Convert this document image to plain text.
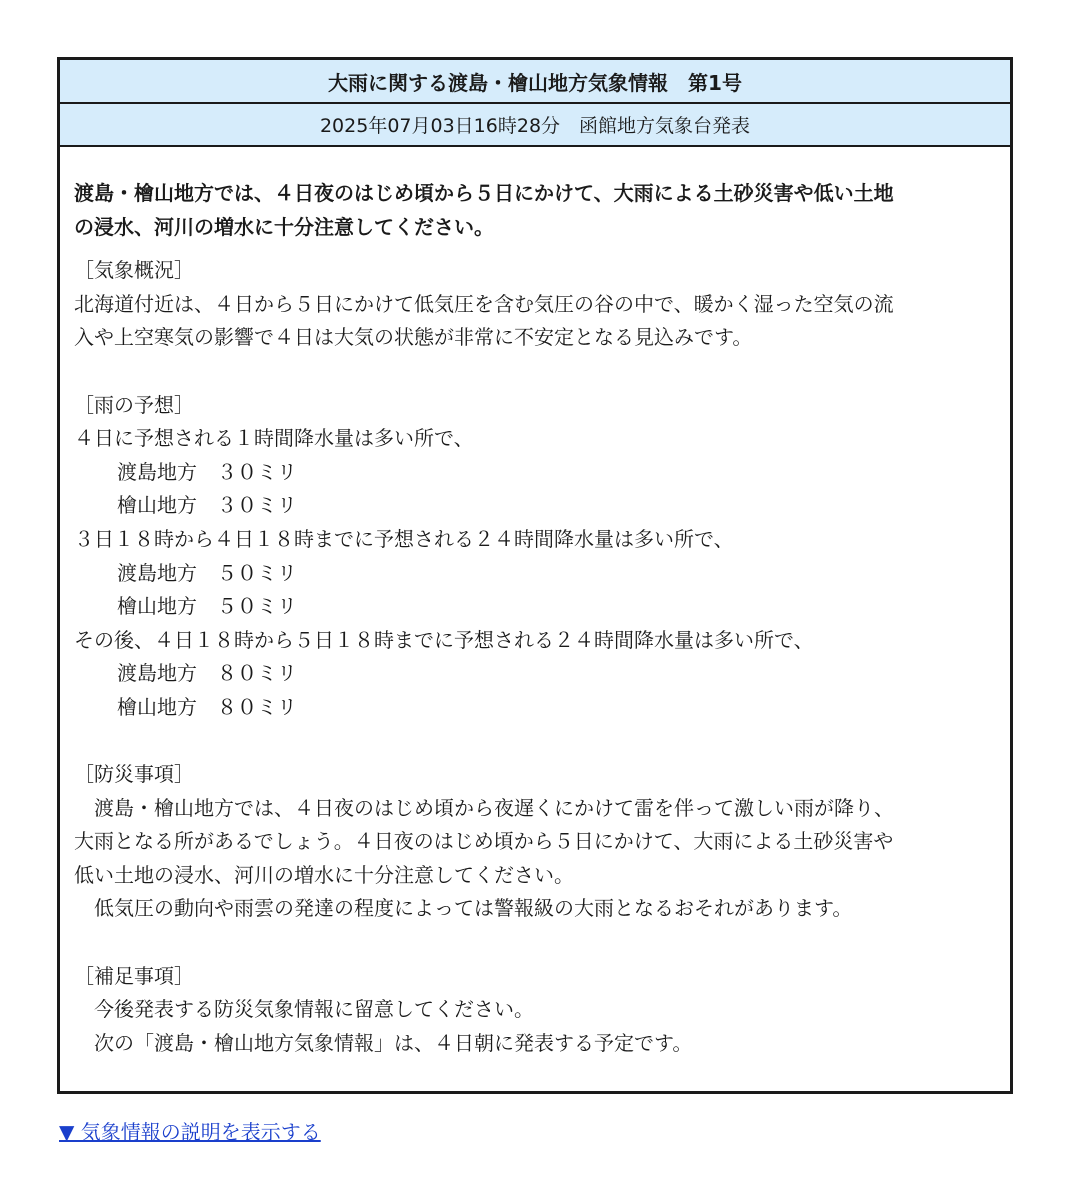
大雨に関する渡島・檜山地方気象情報　第1号
2025年07月03日16時28分　函館地方気象台発表
渡島・檜山地方では、４日夜のはじめ頃から５日にかけて、大雨による土砂災害や低い土地
の浸水、河川の増水に十分注意してください。
［気象概況］
北海道付近は、４日から５日にかけて低気圧を含む気圧の谷の中で、暖かく湿った空気の流
入や上空寒気の影響で４日は大気の状態が非常に不安定となる見込みです。
［雨の予想］
４日に予想される１時間降水量は多い所で、
渡島地方　３０ミリ
檜山地方　３０ミリ
３日１８時から４日１８時までに予想される２４時間降水量は多い所で、
渡島地方　５０ミリ
檜山地方　５０ミリ
その後、４日１８時から５日１８時までに予想される２４時間降水量は多い所で、
渡島地方　８０ミリ
檜山地方　８０ミリ
［防災事項］
　渡島・檜山地方では、４日夜のはじめ頃から夜遅くにかけて雷を伴って激しい雨が降り、
大雨となる所があるでしょう。４日夜のはじめ頃から５日にかけて、大雨による土砂災害や
低い土地の浸水、河川の増水に十分注意してください。
　低気圧の動向や雨雲の発達の程度によっては警報級の大雨となるおそれがあります。
［補足事項］
　今後発表する防災気象情報に留意してください。
　次の「渡島・檜山地方気象情報」は、４日朝に発表する予定です。
▼ 気象情報の説明を表示する
